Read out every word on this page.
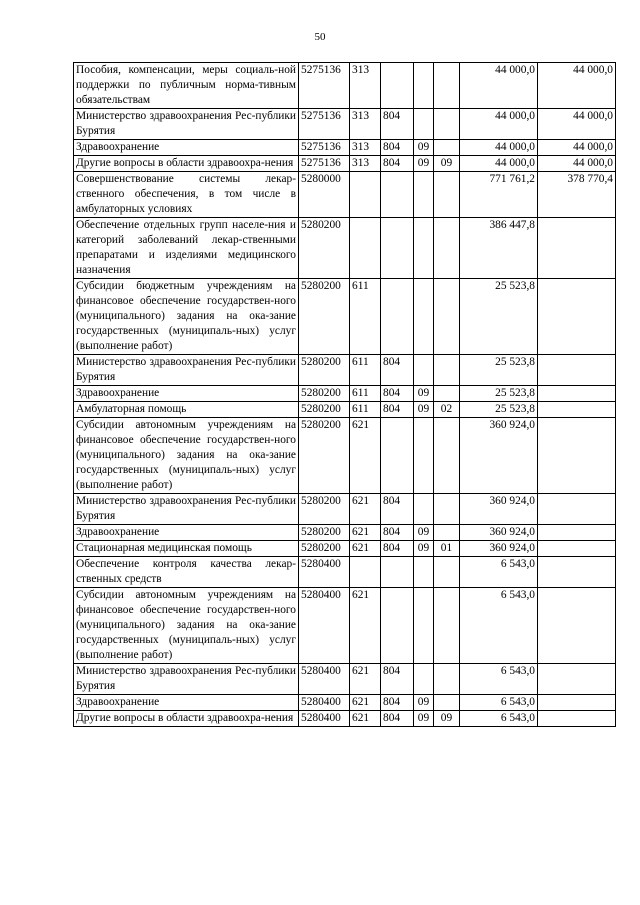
50
Пособия, компенсации, меры социаль-ной поддержки по публичным норма-тивным обязательствам	5275136	313				44 000,0	44 000,0
Министерство здравоохранения Рес-публики Бурятия	5275136	313	804			44 000,0	44 000,0
Здравоохранение	5275136	313	804	09		44 000,0	44 000,0
Другие вопросы в области здравоохра-нения	5275136	313	804	09	09	44 000,0	44 000,0
Совершенствование системы лекар-ственного обеспечения, в том числе в амбулаторных условиях	5280000					771 761,2	378 770,4
Обеспечение отдельных групп населе-ния и категорий заболеваний лекар-ственными препаратами и изделиями медицинского назначения	5280200					386 447,8	
Субсидии бюджетным учреждениям на финансовое обеспечение государствен-ного (муниципального) задания на ока-зание государственных (муниципаль-ных) услуг (выполнение работ)	5280200	611				25 523,8	
Министерство здравоохранения Рес-публики Бурятия	5280200	611	804			25 523,8	
Здравоохранение	5280200	611	804	09		25 523,8	
Амбулаторная помощь	5280200	611	804	09	02	25 523,8	
Субсидии автономным учреждениям на финансовое обеспечение государствен-ного (муниципального) задания на ока-зание государственных (муниципаль-ных) услуг (выполнение работ)	5280200	621				360 924,0	
Министерство здравоохранения Рес-публики Бурятия	5280200	621	804			360 924,0	
Здравоохранение	5280200	621	804	09		360 924,0	
Стационарная медицинская помощь	5280200	621	804	09	01	360 924,0	
Обеспечение контроля качества лекар-ственных средств	5280400					6 543,0	
Субсидии автономным учреждениям на финансовое обеспечение государствен-ного (муниципального) задания на ока-зание государственных (муниципаль-ных) услуг (выполнение работ)	5280400	621				6 543,0	
Министерство здравоохранения Рес-публики Бурятия	5280400	621	804			6 543,0	
Здравоохранение	5280400	621	804	09		6 543,0	
Другие вопросы в области здравоохра-нения	5280400	621	804	09	09	6 543,0	
